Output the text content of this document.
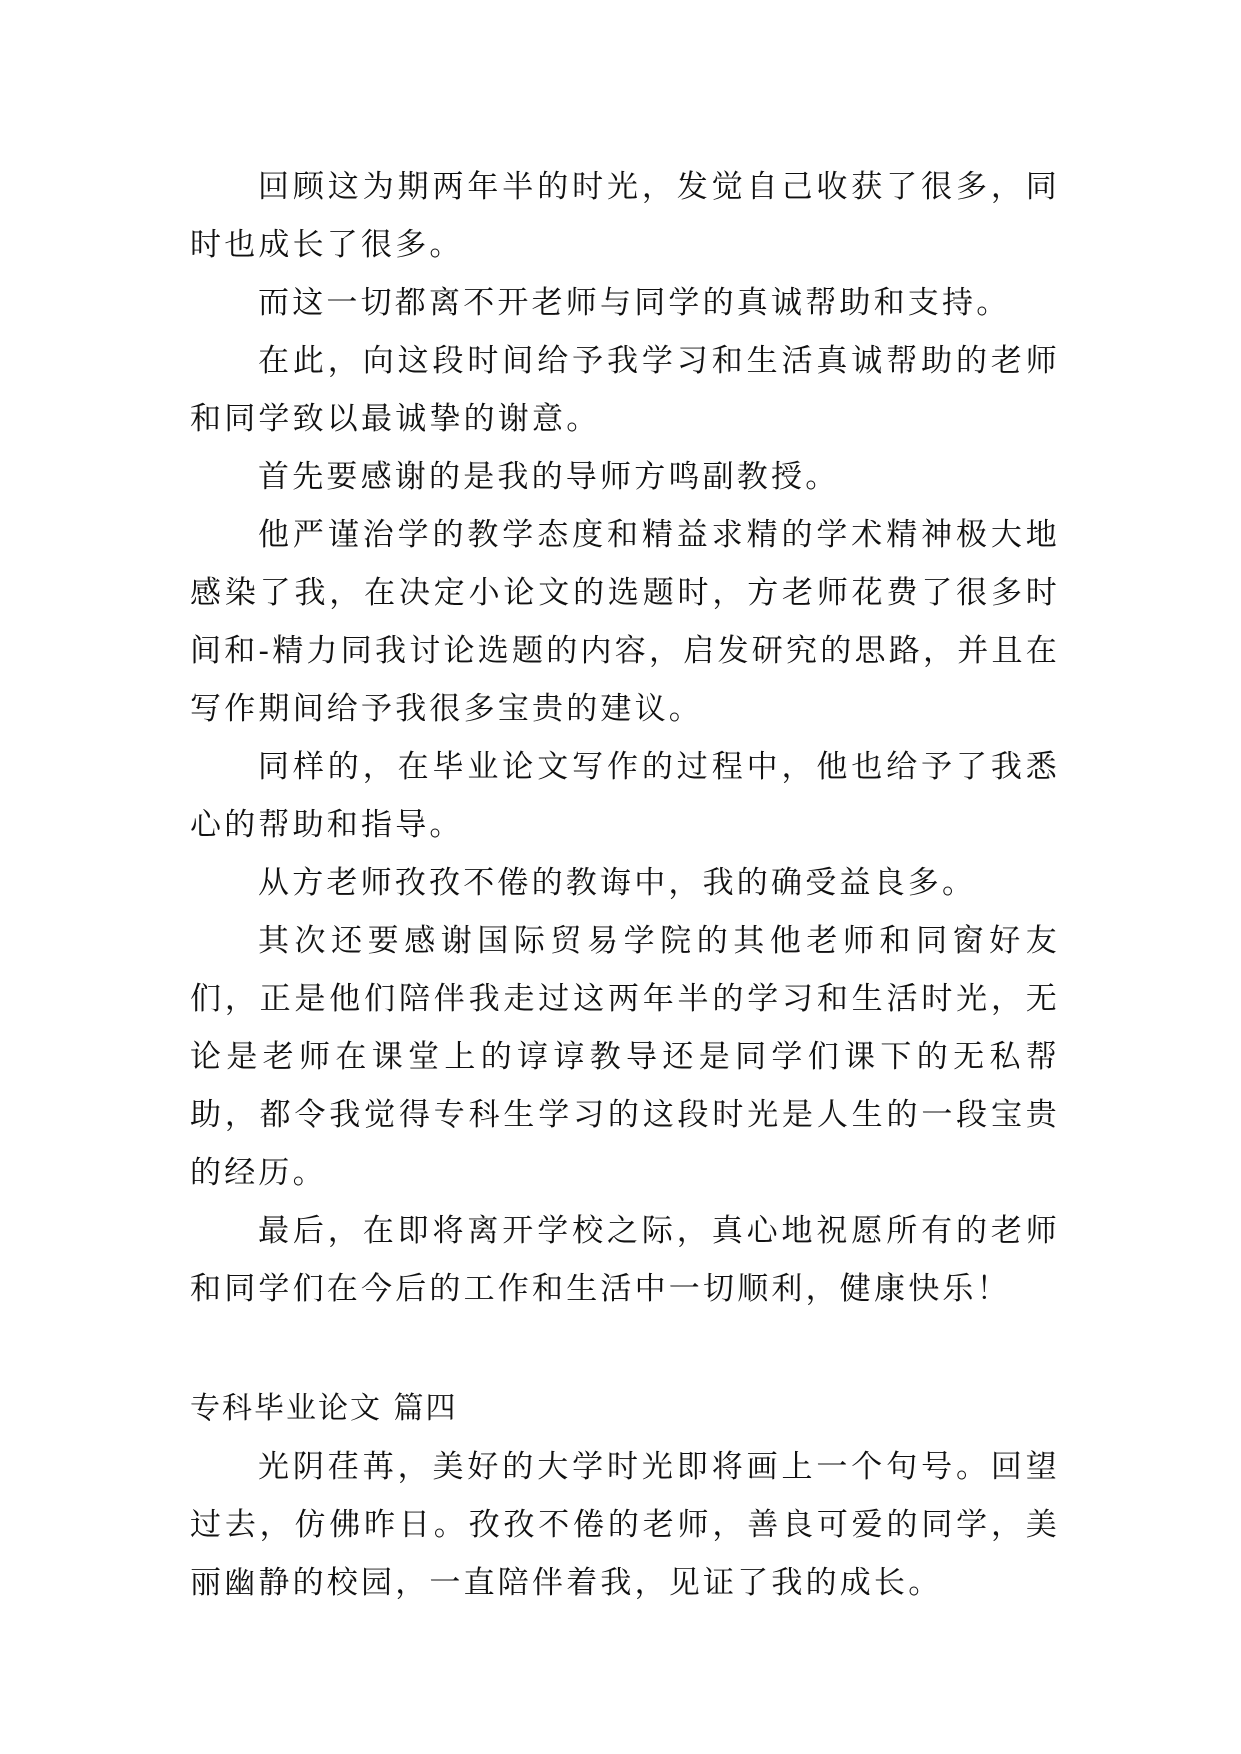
回顾这为期两年半的时光，发觉自己收获了很多，同时也成长了很多。

而这一切都离不开老师与同学的真诚帮助和支持。

在此，向这段时间给予我学习和生活真诚帮助的老师和同学致以最诚挚的谢意。

首先要感谢的是我的导师方鸣副教授。

他严谨治学的教学态度和精益求精的学术精神极大地感染了我，在决定小论文的选题时，方老师花费了很多时间和-精力同我讨论选题的内容，启发研究的思路，并且在写作期间给予我很多宝贵的建议。

同样的，在毕业论文写作的过程中，他也给予了我悉心的帮助和指导。

从方老师孜孜不倦的教诲中，我的确受益良多。

其次还要感谢国际贸易学院的其他老师和同窗好友们，正是他们陪伴我走过这两年半的学习和生活时光，无论是老师在课堂上的谆谆教导还是同学们课下的无私帮助，都令我觉得专科生学习的这段时光是人生的一段宝贵的经历。

最后，在即将离开学校之际，真心地祝愿所有的老师和同学们在今后的工作和生活中一切顺利，健康快乐！

专科毕业论文 篇四

光阴荏苒，美好的大学时光即将画上一个句号。回望过去，仿佛昨日。孜孜不倦的老师，善良可爱的同学，美丽幽静的校园，一直陪伴着我，见证了我的成长。
